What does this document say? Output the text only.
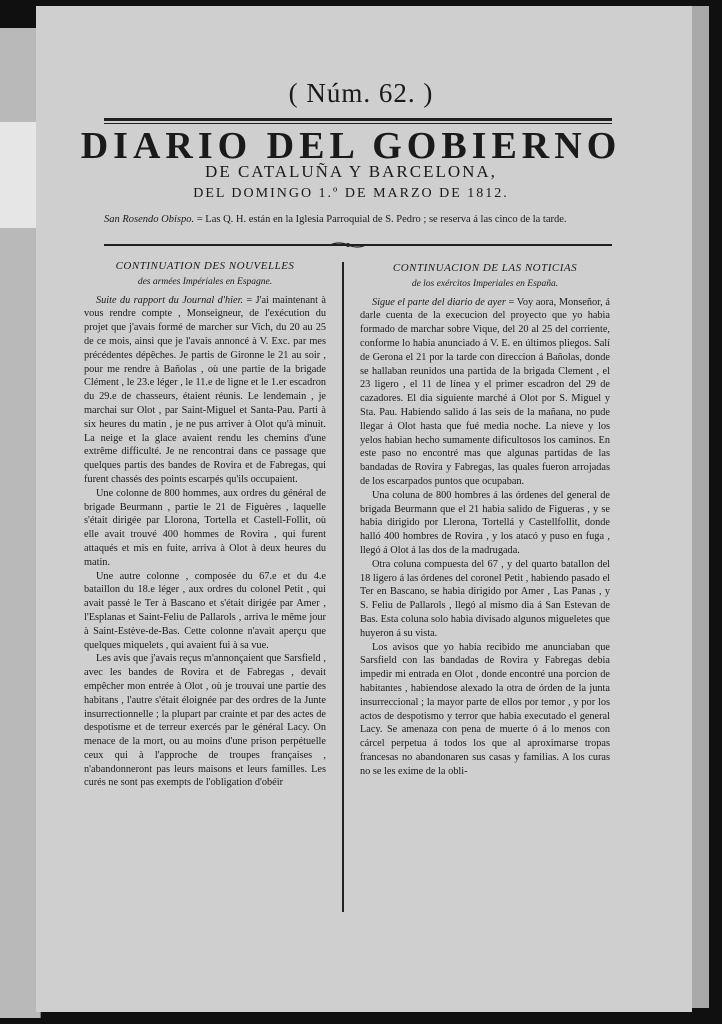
( Núm. 62. )
DIARIO DEL GOBIERNO
DE CATALUÑA Y BARCELONA,
DEL DOMINGO 1.º DE MARZO DE 1812.
San Rosendo Obispo. = Las Q. H. están en la Iglesia Parroquial de S. Pedro ; se reserva á las cinco de la tarde.

CONTINUATION DES NOUVELLES

des armées Impériales en Espagne.

Suite du rapport du Journal d'hier. = J'ai maintenant à vous rendre compte , Monseigneur, de l'exécution du projet que j'avais formé de marcher sur Vich, du 20 au 25 de ce mois, ainsi que je l'avais annoncé à V. Exc. par mes précédentes dépêches. Je partis de Gironne le 21 au soir , pour me rendre à Bañolas , où une partie de la brigade Clément , le 23.e léger , le 11.e de ligne et le 1.er escadron du 29.e de chasseurs, étaient réunis. Le lendemain , je marchai sur Olot , par Saint-Miguel et Santa-Pau. Parti à six heures du matin , je ne pus arriver à Olot qu'à minuit. La neige et la glace avaient rendu les chemins d'une extrême difficulté. Je ne rencontrai dans ce passage que quelques partis des bandes de Rovira et de Fabregas, qui furent chassés des points escarpés qu'ils occupaient.

Une colonne de 800 hommes, aux ordres du général de brigade Beurmann , partie le 21 de Figuères , laquelle s'était dirigée par Llorona, Tortella et Castell-Follit, où elle avait trouvé 400 hommes de Rovira , qui furent attaqués et mis en fuite, arriva à Olot à deux heures du matin.

Une autre colonne , composée du 67.e et du 4.e bataillon du 18.e léger , aux ordres du colonel Petit , qui avait passé le Ter à Bascano et s'était dirigée par Amer , l'Esplanas et Saint-Feliu de Pallarols , arriva le même jour à Saint-Estève-de-Bas. Cette colonne n'avait aperçu que quelques miquelets , qui avaient fui à sa vue.

Les avis que j'avais reçus m'annonçaient que Sarsfield , avec les bandes de Rovira et de Fabregas , devait empêcher mon entrée à Olot , où je trouvai une partie des habitans , l'autre s'était éloignée par des ordres de la Junte insurrectionnelle ; la plupart par crainte et par des actes de despotisme et de terreur exercés par le général Lacy. On menace de la mort, ou au moins d'une prison perpétuelle ceux qui à l'approche de troupes françaises , n'abandonneront pas leurs maisons et leurs familles. Les curés ne sont pas exempts de l'obligation d'obéir

CONTINUACION DE LAS NOTICIAS

de los exércitos Imperiales en España.

Sigue el parte del diario de ayer = Voy aora, Monseñor, á darle cuenta de la execucion del proyecto que yo habia formado de marchar sobre Vique, del 20 al 25 del corriente, conforme lo habia anunciado á V. E. en últimos pliegos. Salí de Gerona el 21 por la tarde con direccion á Bañolas, donde se hallaban reunidos una partida de la brigada Clement , el 23 ligero , el 11 de línea y el primer escadron del 29 de cazadores. El dia siguiente marché á Olot por S. Miguel y Sta. Pau. Habiendo salido á las seis de la mañana, no pude llegar á Olot hasta que fué media noche. La nieve y los yelos habian hecho sumamente dificultosos los caminos. En este paso no encontré mas que algunas partidas de las bandadas de Rovira y Fabregas, las quales fueron arrojadas de los escarpados puntos que ocupaban.

Una coluna de 800 hombres á las órdenes del general de brigada Beurmann que el 21 habia salido de Figueras , y se habia dirigido por Llerona, Tortellá y Castellfollit, donde halló 400 hombres de Rovira , y los atacó y puso en fuga , llegó á Olot á las dos de la madrugada.

Otra coluna compuesta del 67 , y del quarto batallon del 18 ligero á las órdenes del coronel Petit , habiendo pasado el Ter en Bascano, se habia dirigido por Amer , Las Panas , y S. Feliu de Pallarols , llegó al mismo dia á San Estevan de Bas. Esta coluna solo habia divisado algunos migueletes que huyeron á su vista.

Los avisos que yo habia recibido me anunciaban que Sarsfield con las bandadas de Rovira y Fabregas debia impedir mi entrada en Olot , donde encontré una porcion de habitantes , habiendose alexado la otra de órden de la junta insurreccional ; la mayor parte de ellos por temor , y por los actos de despotismo y terror que habia executado el general Lacy. Se amenaza con pena de muerte ó á lo menos con cárcel perpetua á todos los que al aproximarse tropas francesas no abandonaren sus casas y familias. A los curas no se les exime de la obli-
